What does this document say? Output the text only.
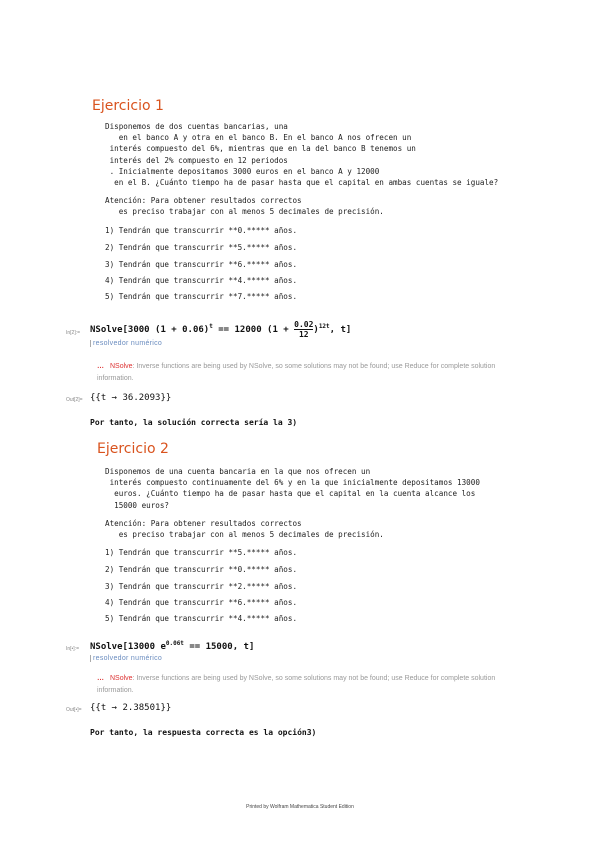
Ejercicio 1
Disponemos de dos cuentas bancarias, una
en el banco A y otra en el banco B. En el banco A nos ofrecen un
interés compuesto del 6%, mientras que en la del banco B tenemos un
interés del 2% compuesto en 12 periodos
. Inicialmente depositamos 3000 euros en el banco A y 12000
en el B. ¿Cuánto tiempo ha de pasar hasta que el capital en ambas cuentas se iguale?
Atención: Para obtener resultados correctos
es preciso trabajar con al menos 5 decimales de precisión.
1) Tendrán que transcurrir **0.***** años.
2) Tendrán que transcurrir **5.***** años.
3) Tendrán que transcurrir **6.***** años.
4) Tendrán que transcurrir **4.***** años.
5) Tendrán que transcurrir **7.***** años.
In[2]:= NSolve[3000 $(1 + 0.06)^t == 12000$ $(1 + \frac{0.02}{12} )^{12t}$, t]
resolvedor numérico
… NSolve: Inverse functions are being used by NSolve, so some solutions may not be found; use Reduce for complete solution information.
Out[2]= {{t → 36.2093}}
Por tanto, la solución correcta sería la 3)
Ejercicio 2
Disponemos de una cuenta bancaria en la que nos ofrecen un
interés compuesto continuamente del 6% y en la que inicialmente depositamos 13000
euros. ¿Cuánto tiempo ha de pasar hasta que el capital en la cuenta alcance los
15000 euros?
Atención: Para obtener resultados correctos
es preciso trabajar con al menos 5 decimales de precisión.
1) Tendrán que transcurrir **5.***** años.
2) Tendrán que transcurrir **0.***** años.
3) Tendrán que transcurrir **2.***** años.
4) Tendrán que transcurrir **6.***** años.
5) Tendrán que transcurrir **4.***** años.
In[•]:= NSolve[13000 $e^{0.06t} == 15000$, t]
resolvedor numérico
… NSolve: Inverse functions are being used by NSolve, so some solutions may not be found; use Reduce for complete solution information.
Out[•]= {{t → 2.38501}}
Por tanto, la respuesta correcta es la opción3)
Printed by Wolfram Mathematica Student Edition
